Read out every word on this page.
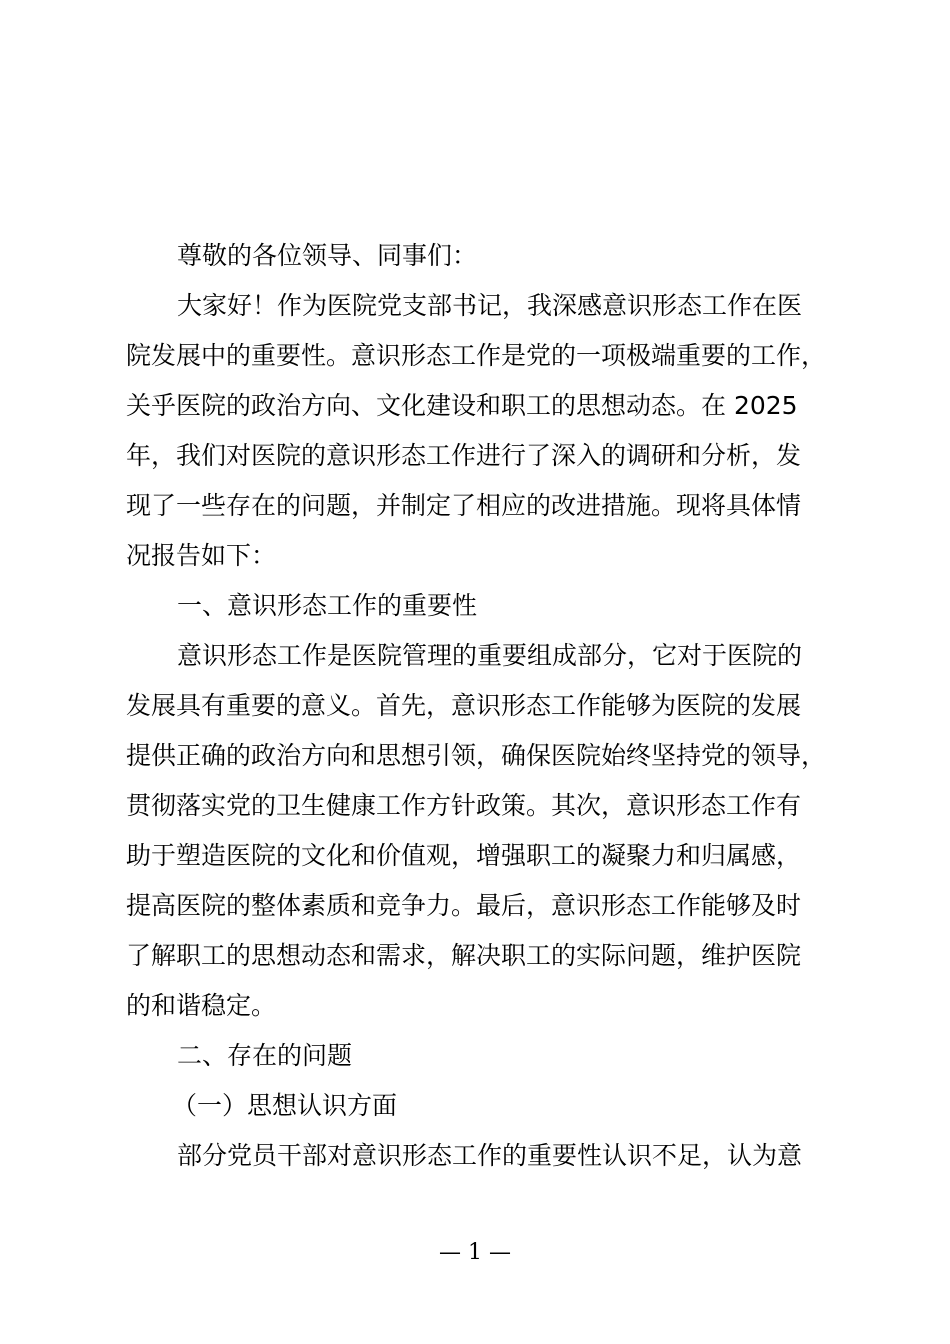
尊敬的各位领导、同事们：

大家好！作为医院党支部书记，我深感意识形态工作在医

院发展中的重要性。意识形态工作是党的一项极端重要的工作，

关乎医院的政治方向、文化建设和职工的思想动态。在 2025

年，我们对医院的意识形态工作进行了深入的调研和分析，发

现了一些存在的问题，并制定了相应的改进措施。现将具体情

况报告如下：

一、意识形态工作的重要性

意识形态工作是医院管理的重要组成部分，它对于医院的

发展具有重要的意义。首先，意识形态工作能够为医院的发展

提供正确的政治方向和思想引领，确保医院始终坚持党的领导，

贯彻落实党的卫生健康工作方针政策。其次，意识形态工作有

助于塑造医院的文化和价值观，增强职工的凝聚力和归属感，

提高医院的整体素质和竞争力。最后，意识形态工作能够及时

了解职工的思想动态和需求，解决职工的实际问题，维护医院

的和谐稳定。

二、存在的问题

（一）思想认识方面

部分党员干部对意识形态工作的重要性认识不足，认为意

— 1 —
